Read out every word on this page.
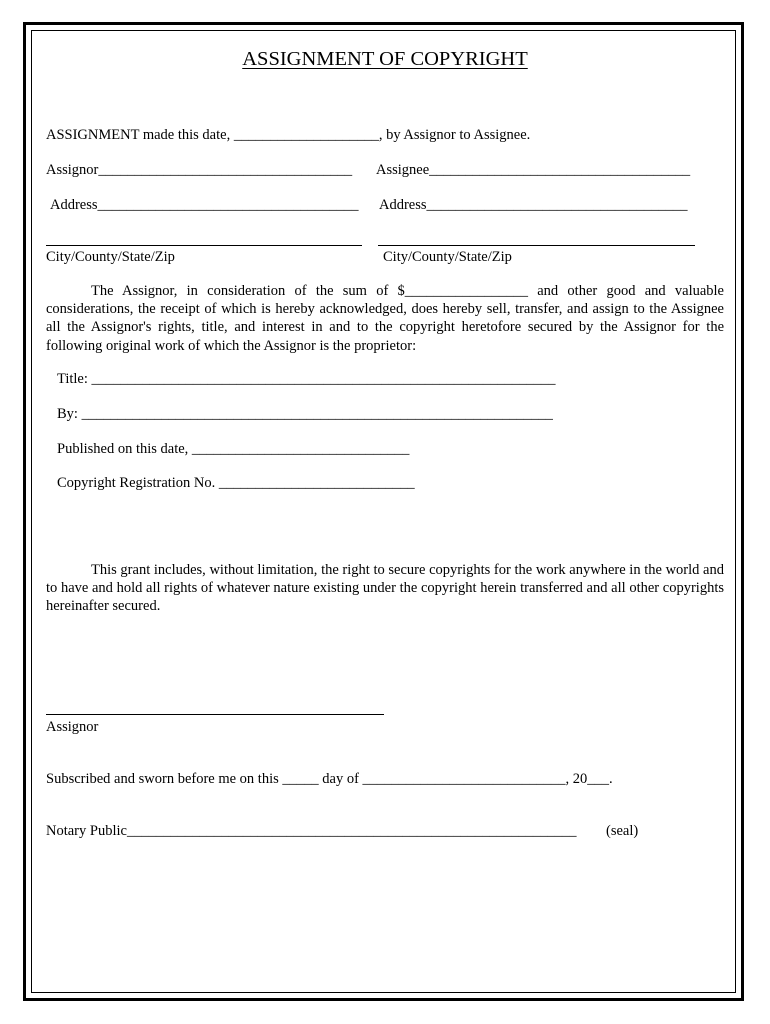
ASSIGNMENT OF COPYRIGHT
ASSIGNMENT made this date, ____________________, by Assignor to Assignee.
Assignor___________________________________ Assignee____________________________________
Address____________________________________ Address____________________________________
City/County/State/Zip	City/County/State/Zip
The Assignor, in consideration of the sum of $_________________ and other good and valuable considerations, the receipt of which is hereby acknowledged, does hereby sell, transfer, and assign to the Assignee all the Assignor's rights, title, and interest in and to the copyright heretofore secured by the Assignor for the following original work of which the Assignor is the proprietor:
Title: ________________________________________________________________
By: _________________________________________________________________
Published on this date, ______________________________
Copyright Registration No. ___________________________
This grant includes, without limitation, the right to secure copyrights for the work anywhere in the world and to have and hold all rights of whatever nature existing under the copyright herein transferred and all other copyrights hereinafter secured.
Assignor
Subscribed and sworn before me on this _____ day of ____________________________, 20___.
Notary Public______________________________________________________________ (seal)
